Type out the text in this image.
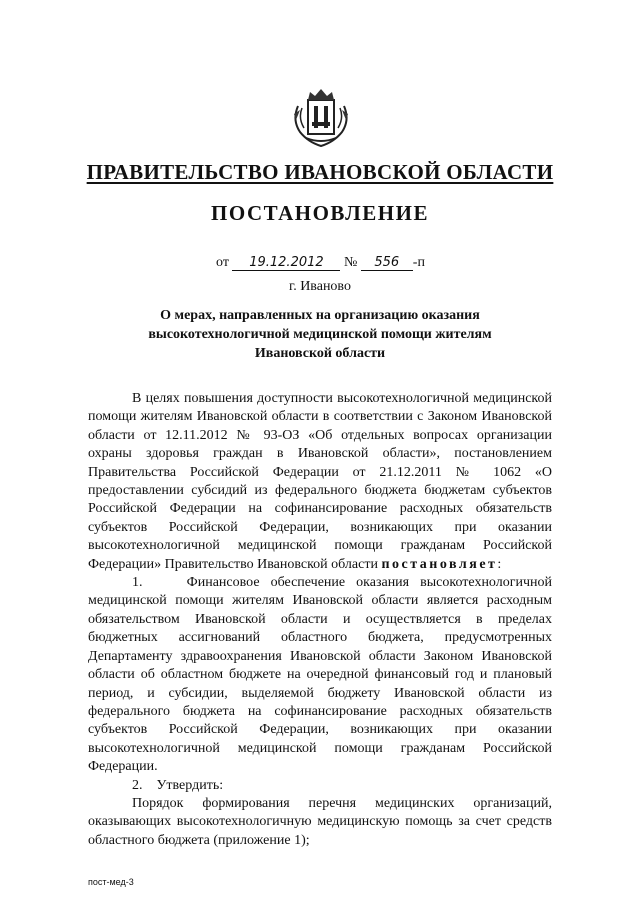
ПРАВИТЕЛЬСТВО ИВАНОВСКОЙ ОБЛАСТИ
ПОСТАНОВЛЕНИЕ
от 19.12.2012 № 556 -п
г. Иваново
О мерах, направленных на организацию оказания
высокотехнологичной медицинской помощи жителям
Ивановской области

В целях повышения доступности высокотехнологичной медицинской помощи жителям Ивановской области в соответствии с Законом Ивановской области от 12.11.2012 № 93-ОЗ «Об отдельных вопросах организации охраны здоровья граждан в Ивановской области», постановлением Правительства Российской Федерации от 21.12.2011 № 1062 «О предоставлении субсидий из федерального бюджета бюджетам субъектов Российской Федерации на софинансирование расходных обязательств субъектов Российской Федерации, возникающих при оказании высокотехнологичной медицинской помощи гражданам Российской Федерации» Правительство Ивановской области постановляет:

1.    Финансовое обеспечение оказания высокотехнологичной медицинской помощи жителям Ивановской области является расходным обязательством Ивановской области и осуществляется в пределах бюджетных ассигнований областного бюджета, предусмотренных Департаменту здравоохранения Ивановской области Законом Ивановской области об областном бюджете на очередной финансовый год и плановый период, и субсидии, выделяемой бюджету Ивановской области из федерального бюджета на софинансирование расходных обязательств субъектов Российской Федерации, возникающих при оказании высокотехнологичной медицинской помощи гражданам Российской Федерации.

2.    Утвердить:

Порядок формирования перечня медицинских организаций, оказывающих высокотехнологичную медицинскую помощь за счет средств областного бюджета (приложение 1);

пост-мед-3
